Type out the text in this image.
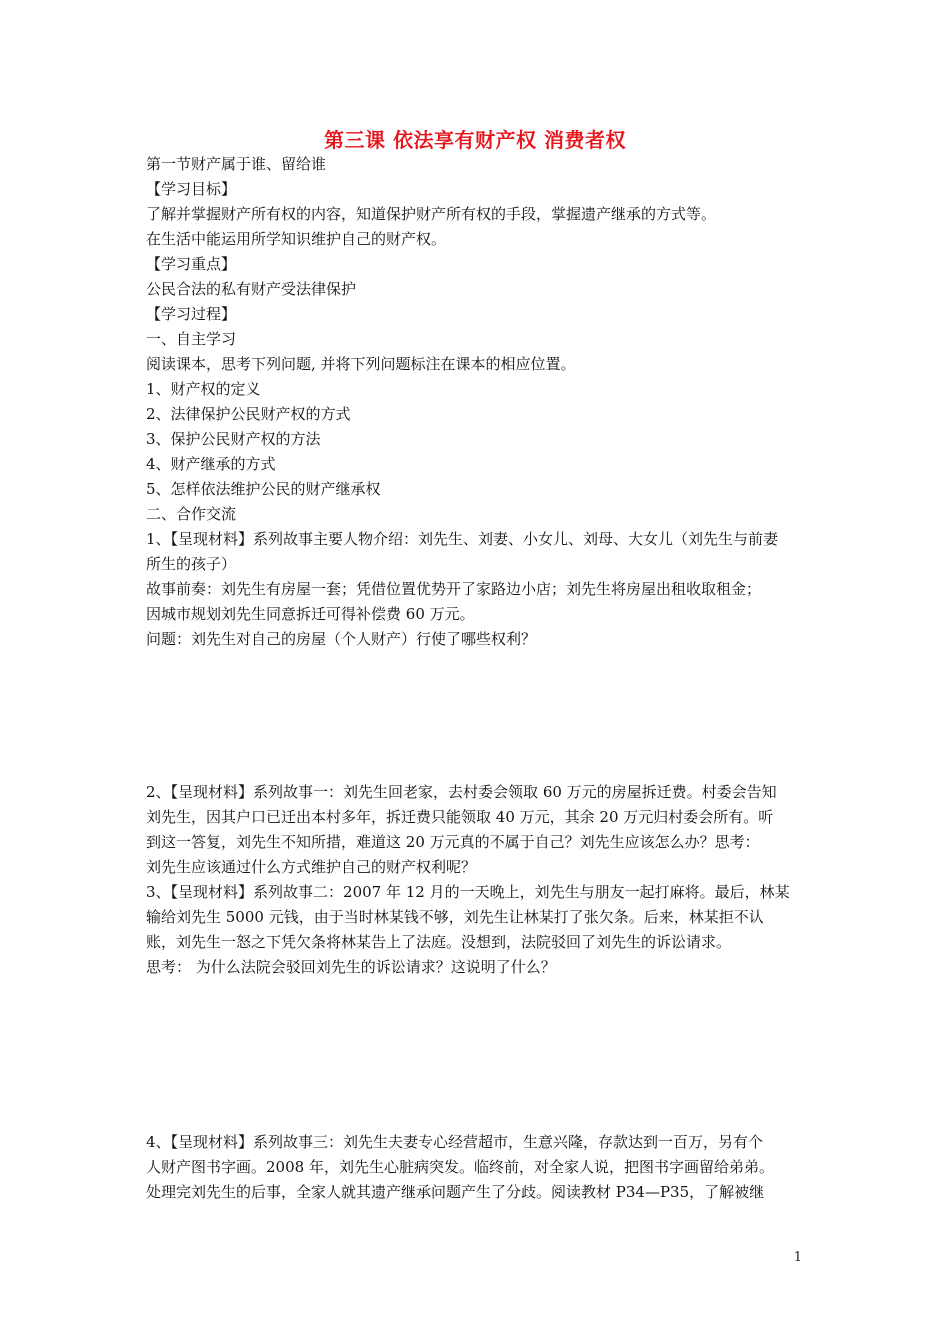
第三课 依法享有财产权 消费者权
第一节财产属于谁、留给谁
【学习目标】
了解并掌握财产所有权的内容，知道保护财产所有权的手段，掌握遗产继承的方式等。
在生活中能运用所学知识维护自己的财产权。
【学习重点】
公民合法的私有财产受法律保护
【学习过程】
一、自主学习
阅读课本，思考下列问题, 并将下列问题标注在课本的相应位置。
1、财产权的定义
2、法律保护公民财产权的方式
3、保护公民财产权的方法
4、财产继承的方式
5、怎样依法维护公民的财产继承权
二、合作交流
1、【呈现材料】系列故事主要人物介绍：刘先生、刘妻、小女儿、刘母、大女儿（刘先生与前妻
所生的孩子）
故事前奏：刘先生有房屋一套；凭借位置优势开了家路边小店；刘先生将房屋出租收取租金；
因城市规划刘先生同意拆迁可得补偿费 60 万元。
问题：刘先生对自己的房屋（个人财产）行使了哪些权利？
2、【呈现材料】系列故事一：刘先生回老家，去村委会领取 60 万元的房屋拆迁费。村委会告知
刘先生，因其户口已迁出本村多年，拆迁费只能领取 40 万元，其余 20 万元归村委会所有。听
到这一答复，刘先生不知所措，难道这 20 万元真的不属于自己？刘先生应该怎么办？思考：
刘先生应该通过什么方式维护自己的财产权利呢？
3、【呈现材料】系列故事二：2007 年 12 月的一天晚上，刘先生与朋友一起打麻将。最后，林某
输给刘先生 5000 元钱，由于当时林某钱不够，刘先生让林某打了张欠条。后来，林某拒不认
账，刘先生一怒之下凭欠条将林某告上了法庭。没想到，法院驳回了刘先生的诉讼请求。
思考： 为什么法院会驳回刘先生的诉讼请求？这说明了什么？
4、【呈现材料】系列故事三：刘先生夫妻专心经营超市，生意兴隆，存款达到一百万，另有个
人财产图书字画。2008 年，刘先生心脏病突发。临终前，对全家人说，把图书字画留给弟弟。
处理完刘先生的后事，全家人就其遗产继承问题产生了分歧。阅读教材 P34—P35，了解被继
1
